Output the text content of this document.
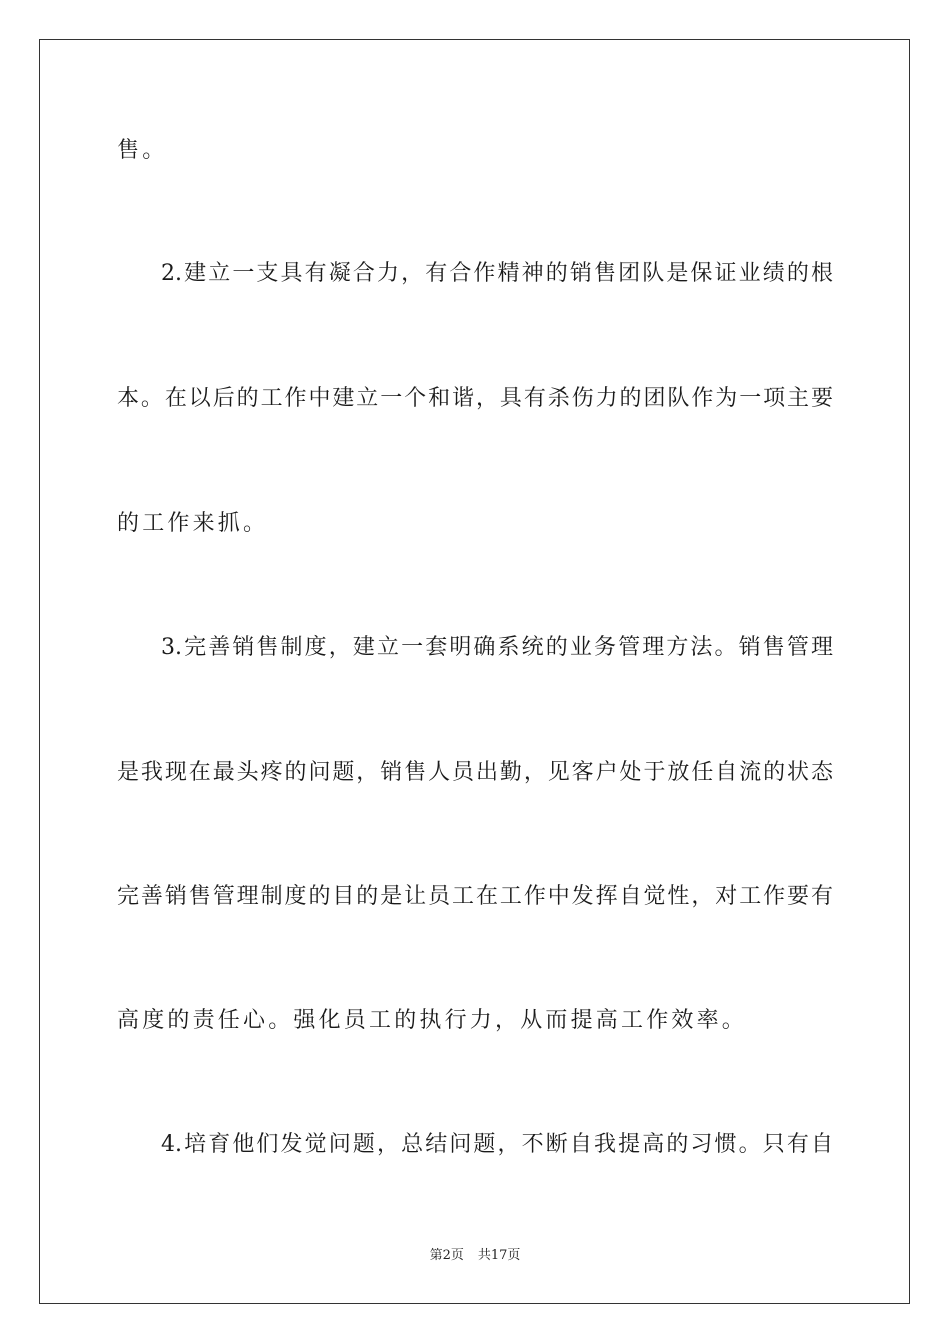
售。
2.建立一支具有凝合力，有合作精神的销售团队是保证业绩的根
本。在以后的工作中建立一个和谐，具有杀伤力的团队作为一项主要
的工作来抓。
3.完善销售制度，建立一套明确系统的业务管理方法。销售管理
是我现在最头疼的问题，销售人员出勤，见客户处于放任自流的状态
完善销售管理制度的目的是让员工在工作中发挥自觉性，对工作要有
高度的责任心。强化员工的执行力，从而提高工作效率。
4.培育他们发觉问题，总结问题，不断自我提高的习惯。只有自
第2页 共17页
